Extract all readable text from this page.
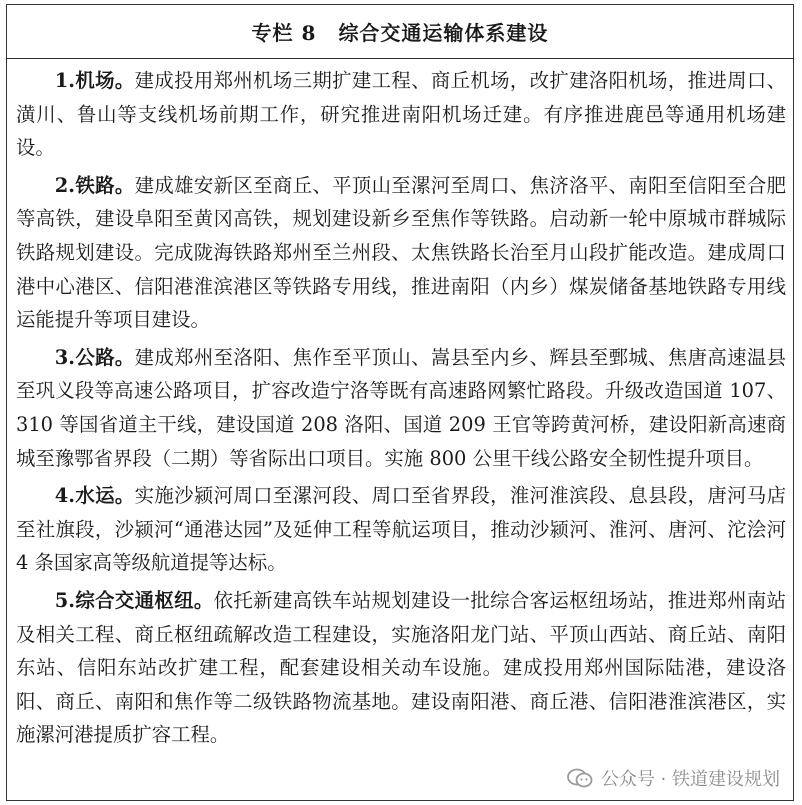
专栏 8 综合交通运输体系建设

1.机场。建成投用郑州机场三期扩建工程、商丘机场，改扩建洛阳机场，推进周口、潢川、鲁山等支线机场前期工作，研究推进南阳机场迁建。有序推进鹿邑等通用机场建设。

2.铁路。建成雄安新区至商丘、平顶山至漯河至周口、焦济洛平、南阳至信阳至合肥等高铁，建设阜阳至黄冈高铁，规划建设新乡至焦作等铁路。启动新一轮中原城市群城际铁路规划建设。完成陇海铁路郑州至兰州段、太焦铁路长治至月山段扩能改造。建成周口港中心港区、信阳港淮滨港区等铁路专用线，推进南阳（内乡）煤炭储备基地铁路专用线运能提升等项目建设。

3.公路。建成郑州至洛阳、焦作至平顶山、嵩县至内乡、辉县至鄄城、焦唐高速温县至巩义段等高速公路项目，扩容改造宁洛等既有高速路网繁忙路段。升级改造国道 107、310 等国省道主干线，建设国道 208 洛阳、国道 209 王官等跨黄河桥，建设阳新高速商城至豫鄂省界段（二期）等省际出口项目。实施 800 公里干线公路安全韧性提升项目。

4.水运。实施沙颍河周口至漯河段、周口至省界段，淮河淮滨段、息县段，唐河马店至社旗段，沙颍河“通港达园”及延伸工程等航运项目，推动沙颍河、淮河、唐河、沱浍河 4 条国家高等级航道提等达标。

5.综合交通枢纽。依托新建高铁车站规划建设一批综合客运枢纽场站，推进郑州南站及相关工程、商丘枢纽疏解改造工程建设，实施洛阳龙门站、平顶山西站、商丘站、南阳东站、信阳东站改扩建工程，配套建设相关动车设施。建成投用郑州国际陆港，建设洛阳、商丘、南阳和焦作等二级铁路物流基地。建设南阳港、商丘港、信阳港淮滨港区，实施漯河港提质扩容工程。

公众号 · 铁道建设规划
